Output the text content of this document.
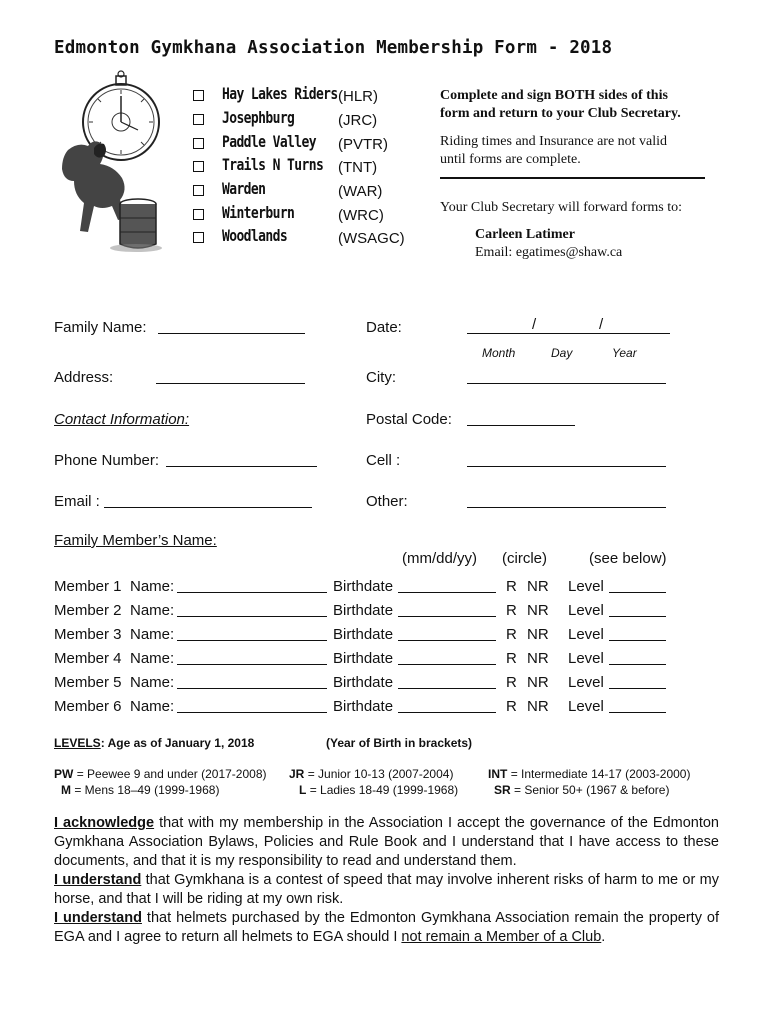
Edmonton Gymkhana Association Membership Form - 2018
Hay Lakes Riders (HLR)
Josephburg	(JRC)
Paddle Valley (PVTR)
Trails N Turns (TNT)
Warden	(WAR)
Winterburn	(WRC)
Woodlands	(WSAGC)
Complete and sign BOTH sides of this
form and return to your Club Secretary.
Riding times and Insurance are not valid
until forms are complete.
Your Club Secretary will forward forms to:
Carleen Latimer
Email: egatimes@shaw.ca
Family Name:	Date:	/	/
Month	Day	Year
Address:	City:
Contact Information:	Postal Code:
Phone Number:	Cell :
Email :	Other:
Family Member’s Name:
(mm/dd/yy) (circle)	(see below)
Member 1 Name:	Birthdate	R NR Level
Member 2 Name:	Birthdate	R NR Level
Member 3 Name:	Birthdate	R NR Level
Member 4 Name:	Birthdate	R NR Level
Member 5 Name:	Birthdate	R NR Level
Member 6 Name:	Birthdate	R NR Level
LEVELS: Age as of January 1, 2018	(Year of Birth in brackets)
PW = Peewee 9 and under (2017-2008) JR = Junior 10-13 (2007-2004)	INT = Intermediate 14-17 (2003-2000)
M = Mens 18–49 (1999-1968)	L = Ladies 18-49 (1999-1968)	SR = Senior 50+ (1967 & before)
I acknowledge that with my membership in the Association I accept the governance of the Edmonton Gymkhana Association Bylaws, Policies and Rule Book and I understand that I have access to these documents, and that it is my responsibility to read and understand them.
I understand that Gymkhana is a contest of speed that may involve inherent risks of harm to me or my horse, and that I will be riding at my own risk.
I understand that helmets purchased by the Edmonton Gymkhana Association remain the property of EGA and I agree to return all helmets to EGA should I not remain a Member of a Club.
